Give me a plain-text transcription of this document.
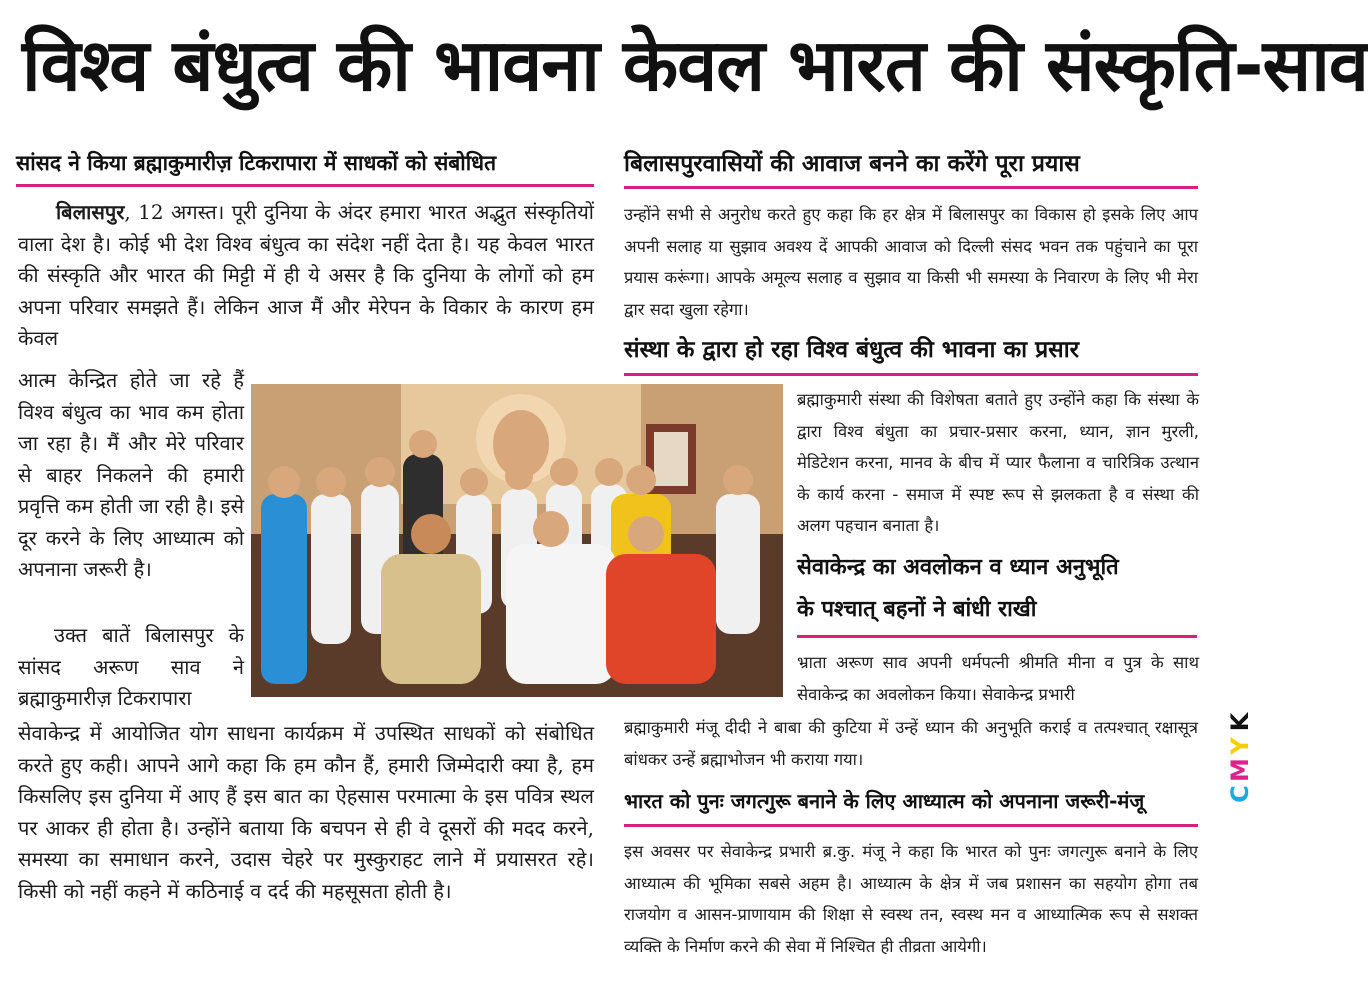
विश्व बंधुत्व की भावना केवल भारत की संस्कृति-साव
सांसद ने किया ब्रह्माकुमारीज़ टिकरापारा में साधकों को संबोधित

बिलासपुर, 12 अगस्त। पूरी दुनिया के अंदर हमारा भारत अद्भुत संस्कृतियों वाला देश है। कोई भी देश विश्व बंधुत्व का संदेश नहीं देता है। यह केवल भारत की संस्कृति और भारत की मिट्टी में ही ये असर है कि दुनिया के लोगों को हम अपना परिवार समझते हैं। लेकिन आज मैं और मेरेपन के विकार के कारण हम केवल

आत्म केन्द्रित होते जा रहे हैं विश्व बंधुत्व का भाव कम होता जा रहा है। मैं और मेरे परिवार से बाहर निकलने की हमारी प्रवृत्ति कम होती जा रही है। इसे दूर करने के लिए आध्यात्म को अपनाना जरूरी है।

उक्त बातें बिलासपुर के सांसद अरूण साव ने ब्रह्माकुमारीज़ टिकरापारा

सेवाकेन्द्र में आयोजित योग साधना कार्यक्रम में उपस्थित साधकों को संबोधित करते हुए कही। आपने आगे कहा कि हम कौन हैं, हमारी जिम्मेदारी क्या है, हम किसलिए इस दुनिया में आए हैं इस बात का ऐहसास परमात्मा के इस पवित्र स्थल पर आकर ही होता है। उन्होंने बताया कि बचपन से ही वे दूसरों की मदद करने, समस्या का समाधान करने, उदास चेहरे पर मुस्कुराहट लाने में प्रयासरत रहे। किसी को नहीं कहने में कठिनाई व दर्द की महसूसता होती है।

बिलासपुरवासियों की आवाज बनने का करेंगे पूरा प्रयास
उन्होंने सभी से अनुरोध करते हुए कहा कि हर क्षेत्र में बिलासपुर का विकास हो इसके लिए आप अपनी सलाह या सुझाव अवश्य दें आपकी आवाज को दिल्ली संसद भवन तक पहुंचाने का पूरा प्रयास करूंगा। आपके अमूल्य सलाह व सुझाव या किसी भी समस्या के निवारण के लिए भी मेरा द्वार सदा खुला रहेगा।
संस्था के द्वारा हो रहा विश्व बंधुत्व की भावना का प्रसार
ब्रह्माकुमारी संस्था की विशेषता बताते हुए उन्होंने कहा कि संस्था के द्वारा विश्व बंधुता का प्रचार-प्रसार करना, ध्यान, ज्ञान मुरली, मेडिटेशन करना, मानव के बीच में प्यार फैलाना व चारित्रिक उत्थान के कार्य करना - समाज में स्पष्ट रूप से झलकता है व संस्था की अलग पहचान बनाता है।
सेवाकेन्द्र का अवलोकन व ध्यान अनुभूति
के पश्चात् बहनों ने बांधी राखी
भ्राता अरूण साव अपनी धर्मपत्नी श्रीमति मीना व पुत्र के साथ सेवाकेन्द्र का अवलोकन किया। सेवाकेन्द्र प्रभारी
ब्रह्माकुमारी मंजू दीदी ने बाबा की कुटिया में उन्हें ध्यान की अनुभूति कराई व तत्पश्चात् रक्षासूत्र बांधकर उन्हें ब्रह्माभोजन भी कराया गया।
भारत को पुनः जगत्गुरू बनाने के लिए आध्यात्म को अपनाना जरूरी-मंजू
इस अवसर पर सेवाकेन्द्र प्रभारी ब्र.कु. मंजू ने कहा कि भारत को पुनः जगत्गुरू बनाने के लिए आध्यात्म की भूमिका सबसे अहम है। आध्यात्म के क्षेत्र में जब प्रशासन का सहयोग होगा तब राजयोग व आसन-प्राणायाम की शिक्षा से स्वस्थ तन, स्वस्थ मन व आध्यात्मिक रूप से सशक्त व्यक्ति के निर्माण करने की सेवा में निश्चित ही तीव्रता आयेगी।
K
Y
M
C
